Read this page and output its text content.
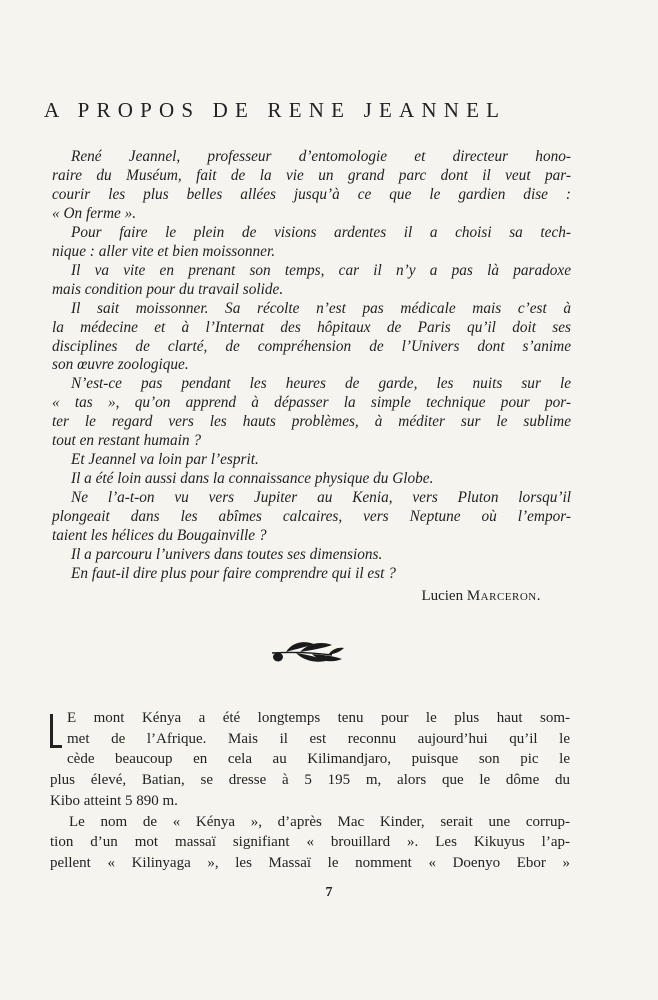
A PROPOS DE RENE JEANNEL
René Jeannel, professeur d’entomologie et directeur hono-
raire du Muséum, fait de la vie un grand parc dont il veut par-
courir les plus belles allées jusqu’à ce que le gardien dise :
« On ferme ».
Pour faire le plein de visions ardentes il a choisi sa tech-
nique : aller vite et bien moissonner.
Il va vite en prenant son temps, car il n’y a pas là paradoxe
mais condition pour du travail solide.
Il sait moissonner. Sa récolte n’est pas médicale mais c’est à
la médecine et à l’Internat des hôpitaux de Paris qu’il doit ses
disciplines de clarté, de compréhension de l’Univers dont s’anime
son œuvre zoologique.
N’est-ce pas pendant les heures de garde, les nuits sur le
« tas », qu’on apprend à dépasser la simple technique pour por-
ter le regard vers les hauts problèmes, à méditer sur le sublime
tout en restant humain ?
Et Jeannel va loin par l’esprit.
Il a été loin aussi dans la connaissance physique du Globe.
Ne l’a-t-on vu vers Jupiter au Kenia, vers Pluton lorsqu’il
plongeait dans les abîmes calcaires, vers Neptune où l’empor-
taient les hélices du Bougainville ?
Il a parcouru l’univers dans toutes ses dimensions.
En faut-il dire plus pour faire comprendre qui il est ?
Lucien Marceron.
E mont Kénya a été longtemps tenu pour le plus haut som-
met de l’Afrique. Mais il est reconnu aujourd’hui qu’il le
cède beaucoup en cela au Kilimandjaro, puisque son pic le
plus élevé, Batian, se dresse à 5 195 m, alors que le dôme du
Kibo atteint 5 890 m.
Le nom de « Kénya », d’après Mac Kinder, serait une corrup-
tion d’un mot massaï signifiant « brouillard ». Les Kikuyus l’ap-
pellent « Kilinyaga », les Massaï le nomment « Doenyo Ebor »
7
